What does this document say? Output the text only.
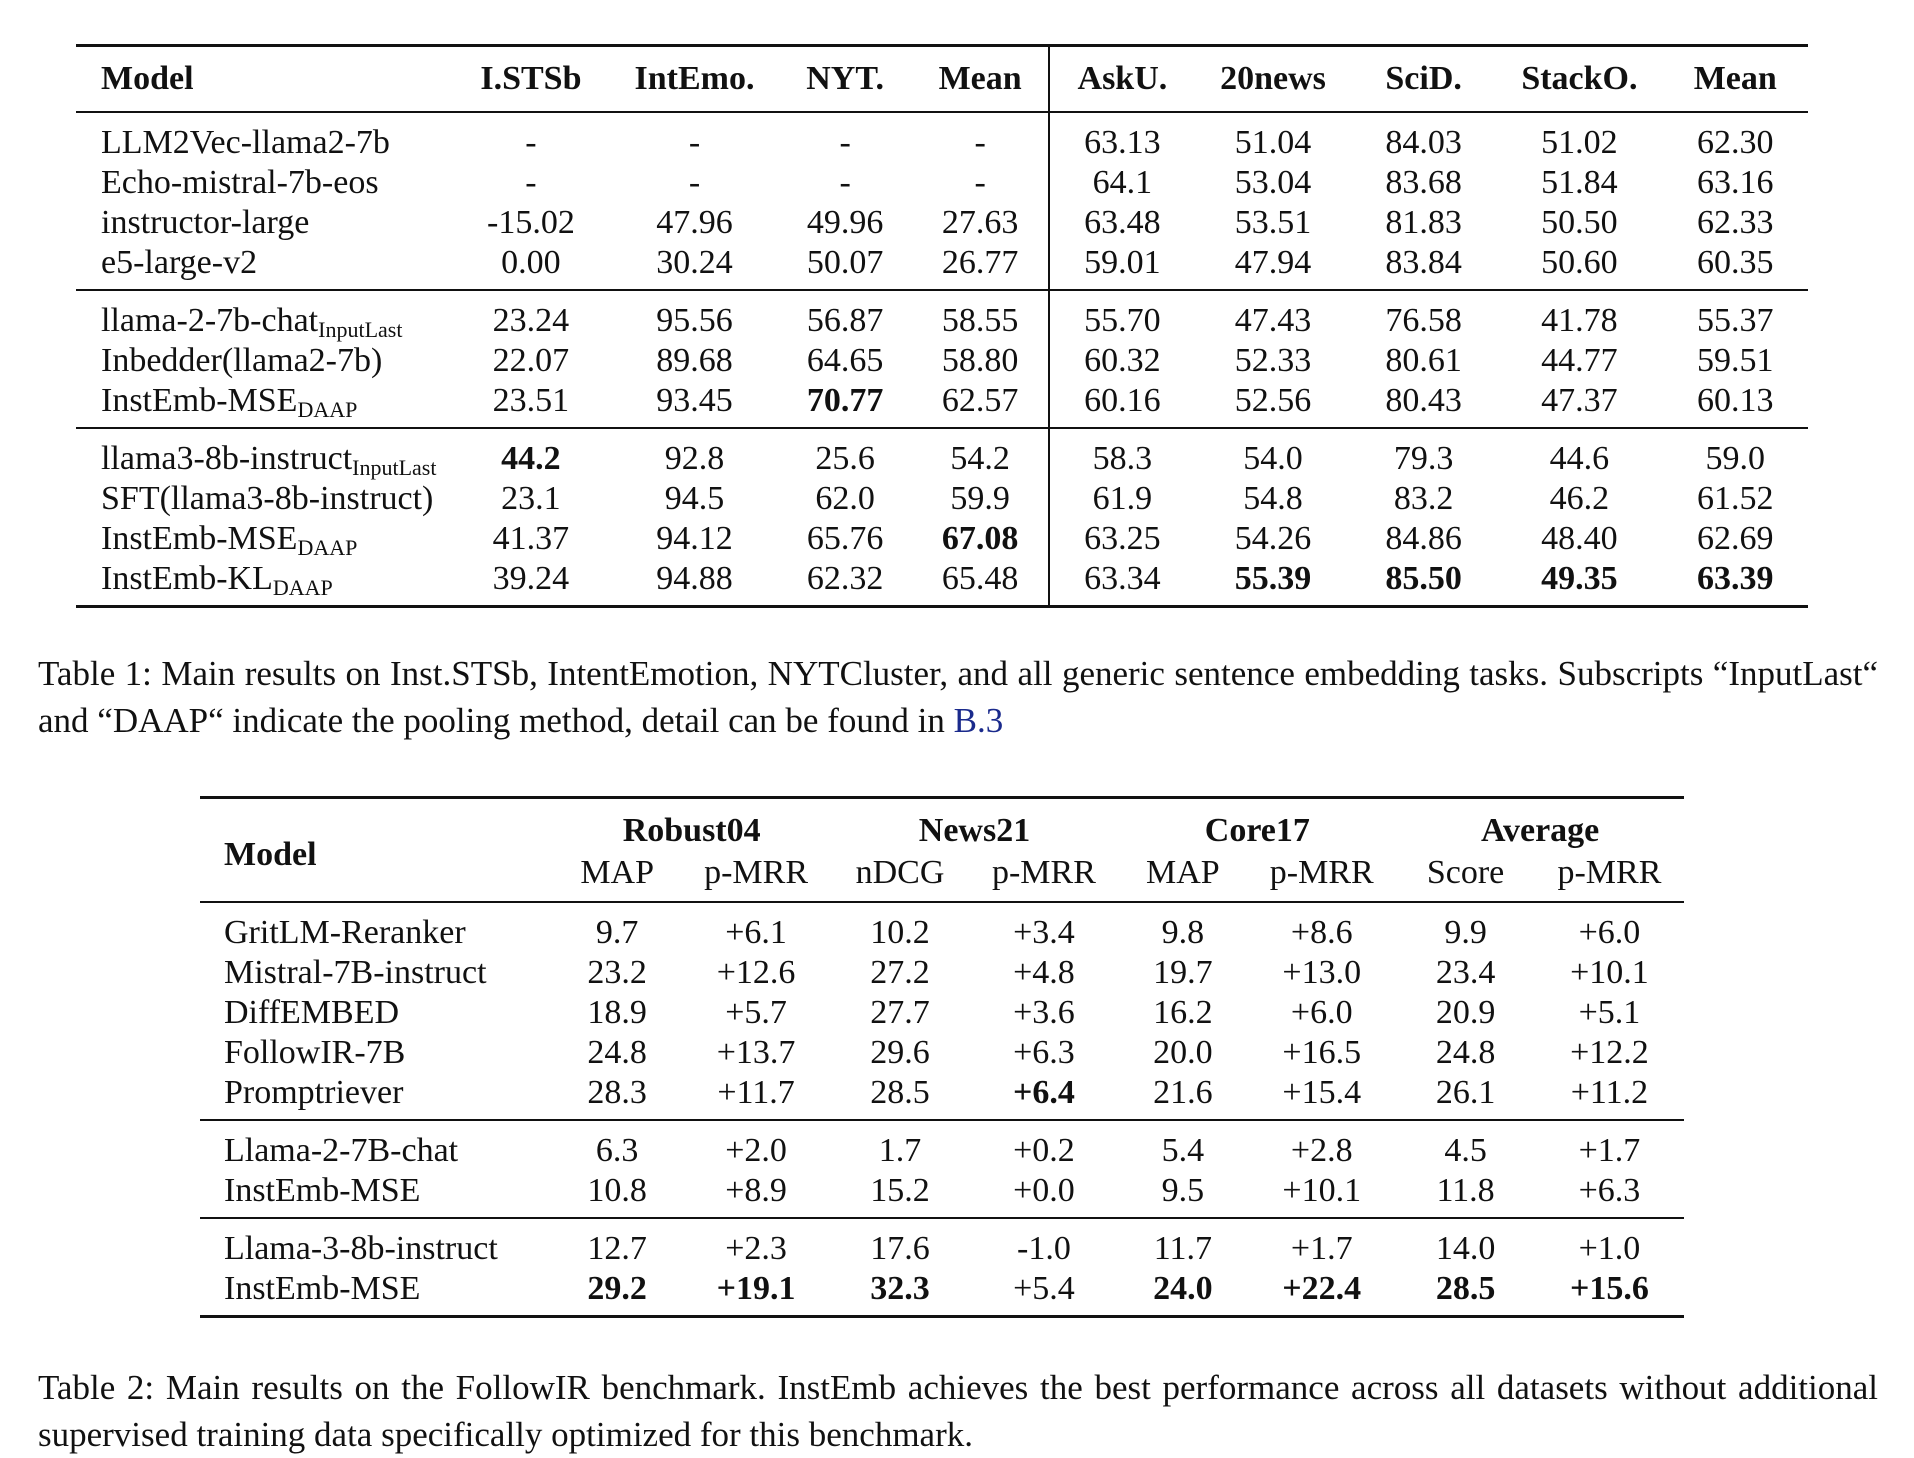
Model	I.STSb	IntEmo.	NYT.	Mean	AskU.	20news	SciD.	StackO.	Mean
LLM2Vec-llama2-7b	-	-	-	-	63.13	51.04	84.03	51.02	62.30
Echo-mistral-7b-eos	-	-	-	-	64.1	53.04	83.68	51.84	63.16
instructor-large	-15.02	47.96	49.96	27.63	63.48	53.51	81.83	50.50	62.33
e5-large-v2	0.00	30.24	50.07	26.77	59.01	47.94	83.84	50.60	60.35
llama-2-7b-chat$_{InputLast}$	23.24	95.56	56.87	58.55	55.70	47.43	76.58	41.78	55.37
Inbedder(llama2-7b)	22.07	89.68	64.65	58.80	60.32	52.33	80.61	44.77	59.51
InstEmb-$MSE_{DAAP}$	23.51	93.45	70.77	62.57	60.16	52.56	80.43	47.37	60.13
llama3-8b-instruct$_{InputLast}$	44.2	92.8	25.6	54.2	58.3	54.0	79.3	44.6	59.0
SFT(llama3-8b-instruct)	23.1	94.5	62.0	59.9	61.9	54.8	83.2	46.2	61.52
InstEmb-$MSE_{DAAP}$	41.37	94.12	65.76	67.08	63.25	54.26	84.86	48.40	62.69
InstEmb-$KL_{DAAP}$	39.24	94.88	62.32	65.48	63.34	55.39	85.50	49.35	63.39
Table 1: Main results on Inst.STSb, IntentEmotion, NYTCluster, and all generic sentence embedding tasks. Subscripts “InputLast“ and “DAAP“ indicate the pooling method, detail can be found in B.3
Model	Robust04		News21		Core17		Average	
	MAP	p-MRR	nDCG	p-MRR	MAP	p-MRR	Score	p-MRR
GritLM-Reranker	9.7	+6.1	10.2	+3.4	9.8	+8.6	9.9	+6.0
Mistral-7B-instruct	23.2	+12.6	27.2	+4.8	19.7	+13.0	23.4	+10.1
DiffEMBED	18.9	+5.7	27.7	+3.6	16.2	+6.0	20.9	+5.1
FollowIR-7B	24.8	+13.7	29.6	+6.3	20.0	+16.5	24.8	+12.2
Promptriever	28.3	+11.7	28.5	+6.4	21.6	+15.4	26.1	+11.2
Llama-2-7B-chat	6.3	+2.0	1.7	+0.2	5.4	+2.8	4.5	+1.7
InstEmb-MSE	10.8	+8.9	15.2	+0.0	9.5	+10.1	11.8	+6.3
Llama-3-8b-instruct	12.7	+2.3	17.6	-1.0	11.7	+1.7	14.0	+1.0
InstEmb-MSE	29.2	+19.1	32.3	+5.4	24.0	+22.4	28.5	+15.6
Table 2: Main results on the FollowIR benchmark. InstEmb achieves the best performance across all datasets without additional supervised training data specifically optimized for this benchmark.
